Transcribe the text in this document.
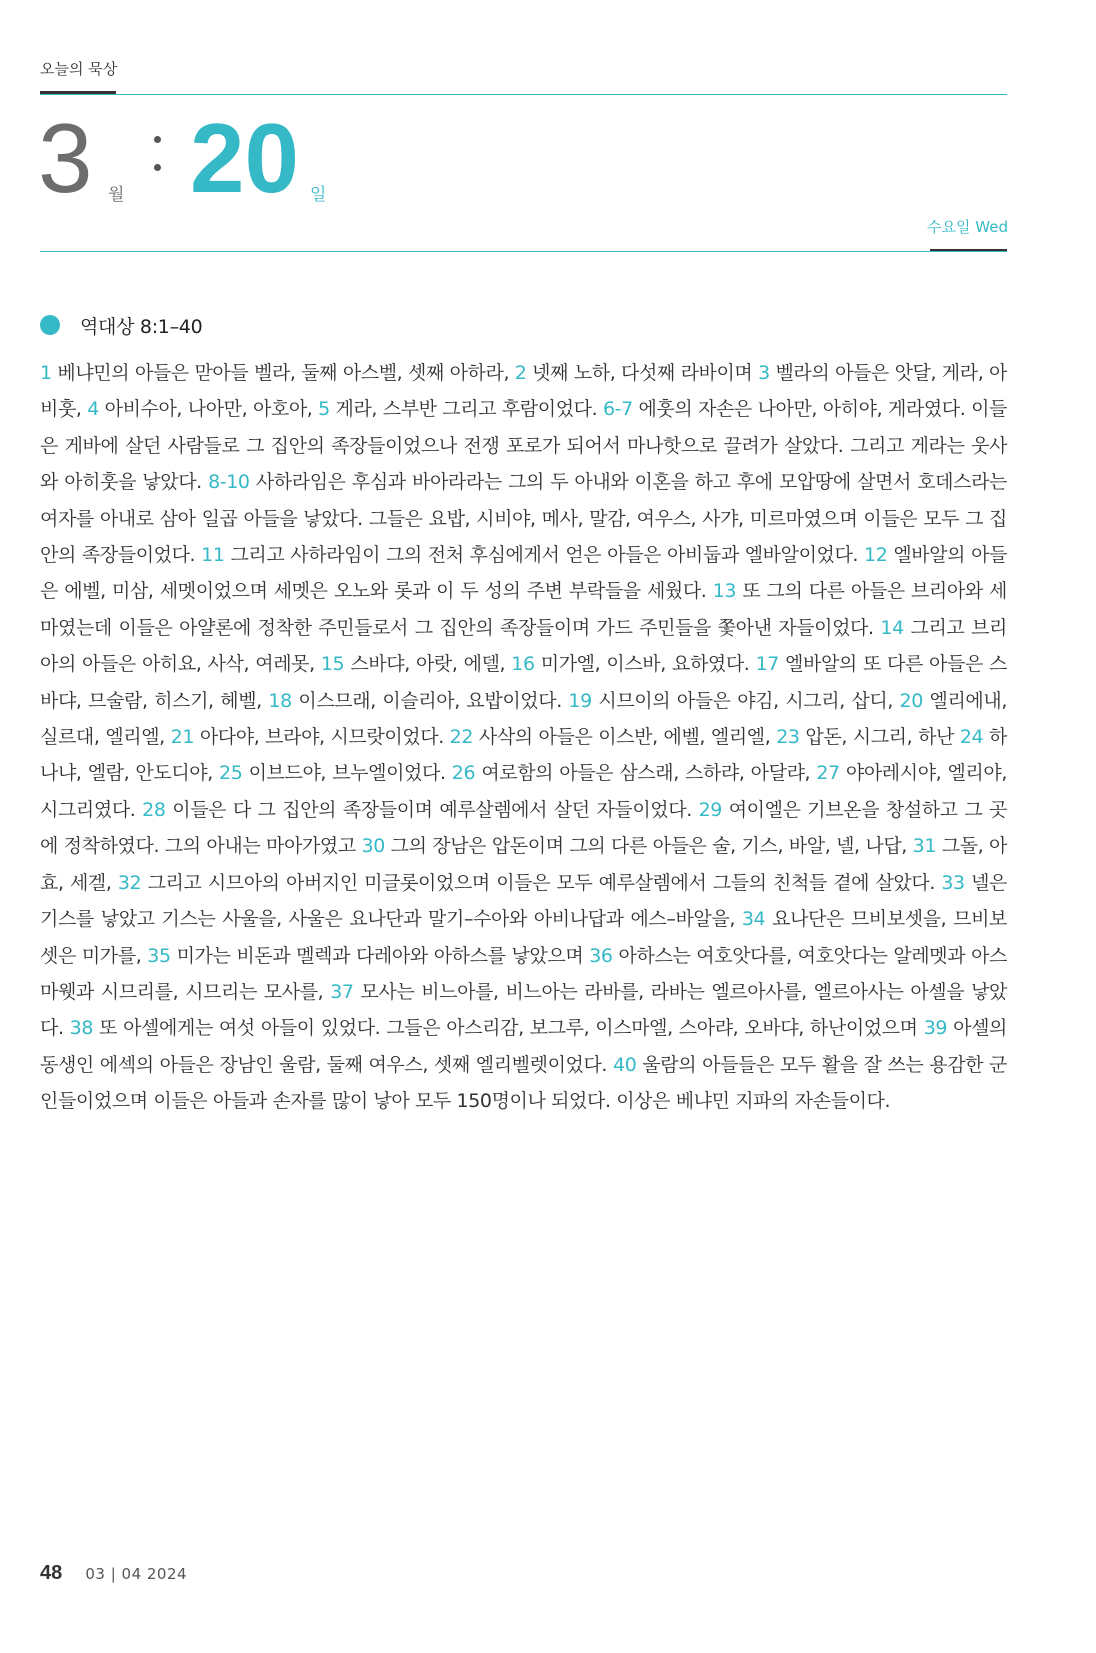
오늘의 묵상
3 월 20 일
수요일 Wed
역대상 8:1–40
1 베냐민의 아들은 맏아들 벨라, 둘째 아스벨, 셋째 아하라, 2 넷째 노하, 다섯째 라바이며 3 벨라의 아들은 앗달, 게라, 아비훗, 4 아비수아, 나아만, 아호아, 5 게라, 스부반 그리고 후람이었다. 6-7 에훗의 자손은 나아만, 아히야, 게라였다. 이들은 게바에 살던 사람들로 그 집안의 족장들이었으나 전쟁 포로가 되어서 마나핫으로 끌려가 살았다. 그리고 게라는 웃사와 아히훗을 낳았다. 8-10 사하라임은 후심과 바아라라는 그의 두 아내와 이혼을 하고 후에 모압땅에 살면서 호데스라는 여자를 아내로 삼아 일곱 아들을 낳았다. 그들은 요밥, 시비야, 메사, 말감, 여우스, 사갸, 미르마였으며 이들은 모두 그 집안의 족장들이었다. 11 그리고 사하라임이 그의 전처 후심에게서 얻은 아들은 아비둡과 엘바알이었다. 12 엘바알의 아들은 에벨, 미삼, 세멧이었으며 세멧은 오노와 롯과 이 두 성의 주변 부락들을 세웠다. 13 또 그의 다른 아들은 브리아와 세마였는데 이들은 아얄론에 정착한 주민들로서 그 집안의 족장들이며 가드 주민들을 쫓아낸 자들이었다. 14 그리고 브리아의 아들은 아히요, 사삭, 여레못, 15 스바댜, 아랏, 에델, 16 미가엘, 이스바, 요하였다. 17 엘바알의 또 다른 아들은 스바댜, 므술람, 히스기, 헤벨, 18 이스므래, 이슬리아, 요밥이었다. 19 시므이의 아들은 야김, 시그리, 삽디, 20 엘리에내, 실르대, 엘리엘, 21 아다야, 브라야, 시므랏이었다. 22 사삭의 아들은 이스반, 에벨, 엘리엘, 23 압돈, 시그리, 하난 24 하나냐, 엘람, 안도디야, 25 이브드야, 브누엘이었다. 26 여로함의 아들은 삼스래, 스하랴, 아달랴, 27 야아레시야, 엘리야, 시그리였다. 28 이들은 다 그 집안의 족장들이며 예루살렘에서 살던 자들이었다. 29 여이엘은 기브온을 창설하고 그 곳에 정착하였다. 그의 아내는 마아가였고 30 그의 장남은 압돈이며 그의 다른 아들은 술, 기스, 바알, 넬, 나답, 31 그돌, 아효, 세겔, 32 그리고 시므아의 아버지인 미글롯이었으며 이들은 모두 예루살렘에서 그들의 친척들 곁에 살았다. 33 넬은 기스를 낳았고 기스는 사울을, 사울은 요나단과 말기–수아와 아비나답과 에스–바알을, 34 요나단은 므비보셋을, 므비보셋은 미가를, 35 미가는 비돈과 멜렉과 다레아와 아하스를 낳았으며 36 아하스는 여호앗다를, 여호앗다는 알레멧과 아스마웻과 시므리를, 시므리는 모사를, 37 모사는 비느아를, 비느아는 라바를, 라바는 엘르아사를, 엘르아사는 아셀을 낳았다. 38 또 아셀에게는 여섯 아들이 있었다. 그들은 아스리감, 보그루, 이스마엘, 스아랴, 오바댜, 하난이었으며 39 아셀의 동생인 에섹의 아들은 장남인 울람, 둘째 여우스, 셋째 엘리벨렛이었다. 40 울람의 아들들은 모두 활을 잘 쓰는 용감한 군인들이었으며 이들은 아들과 손자를 많이 낳아 모두 150명이나 되었다. 이상은 베냐민 지파의 자손들이다.
48 03 | 04 2024
